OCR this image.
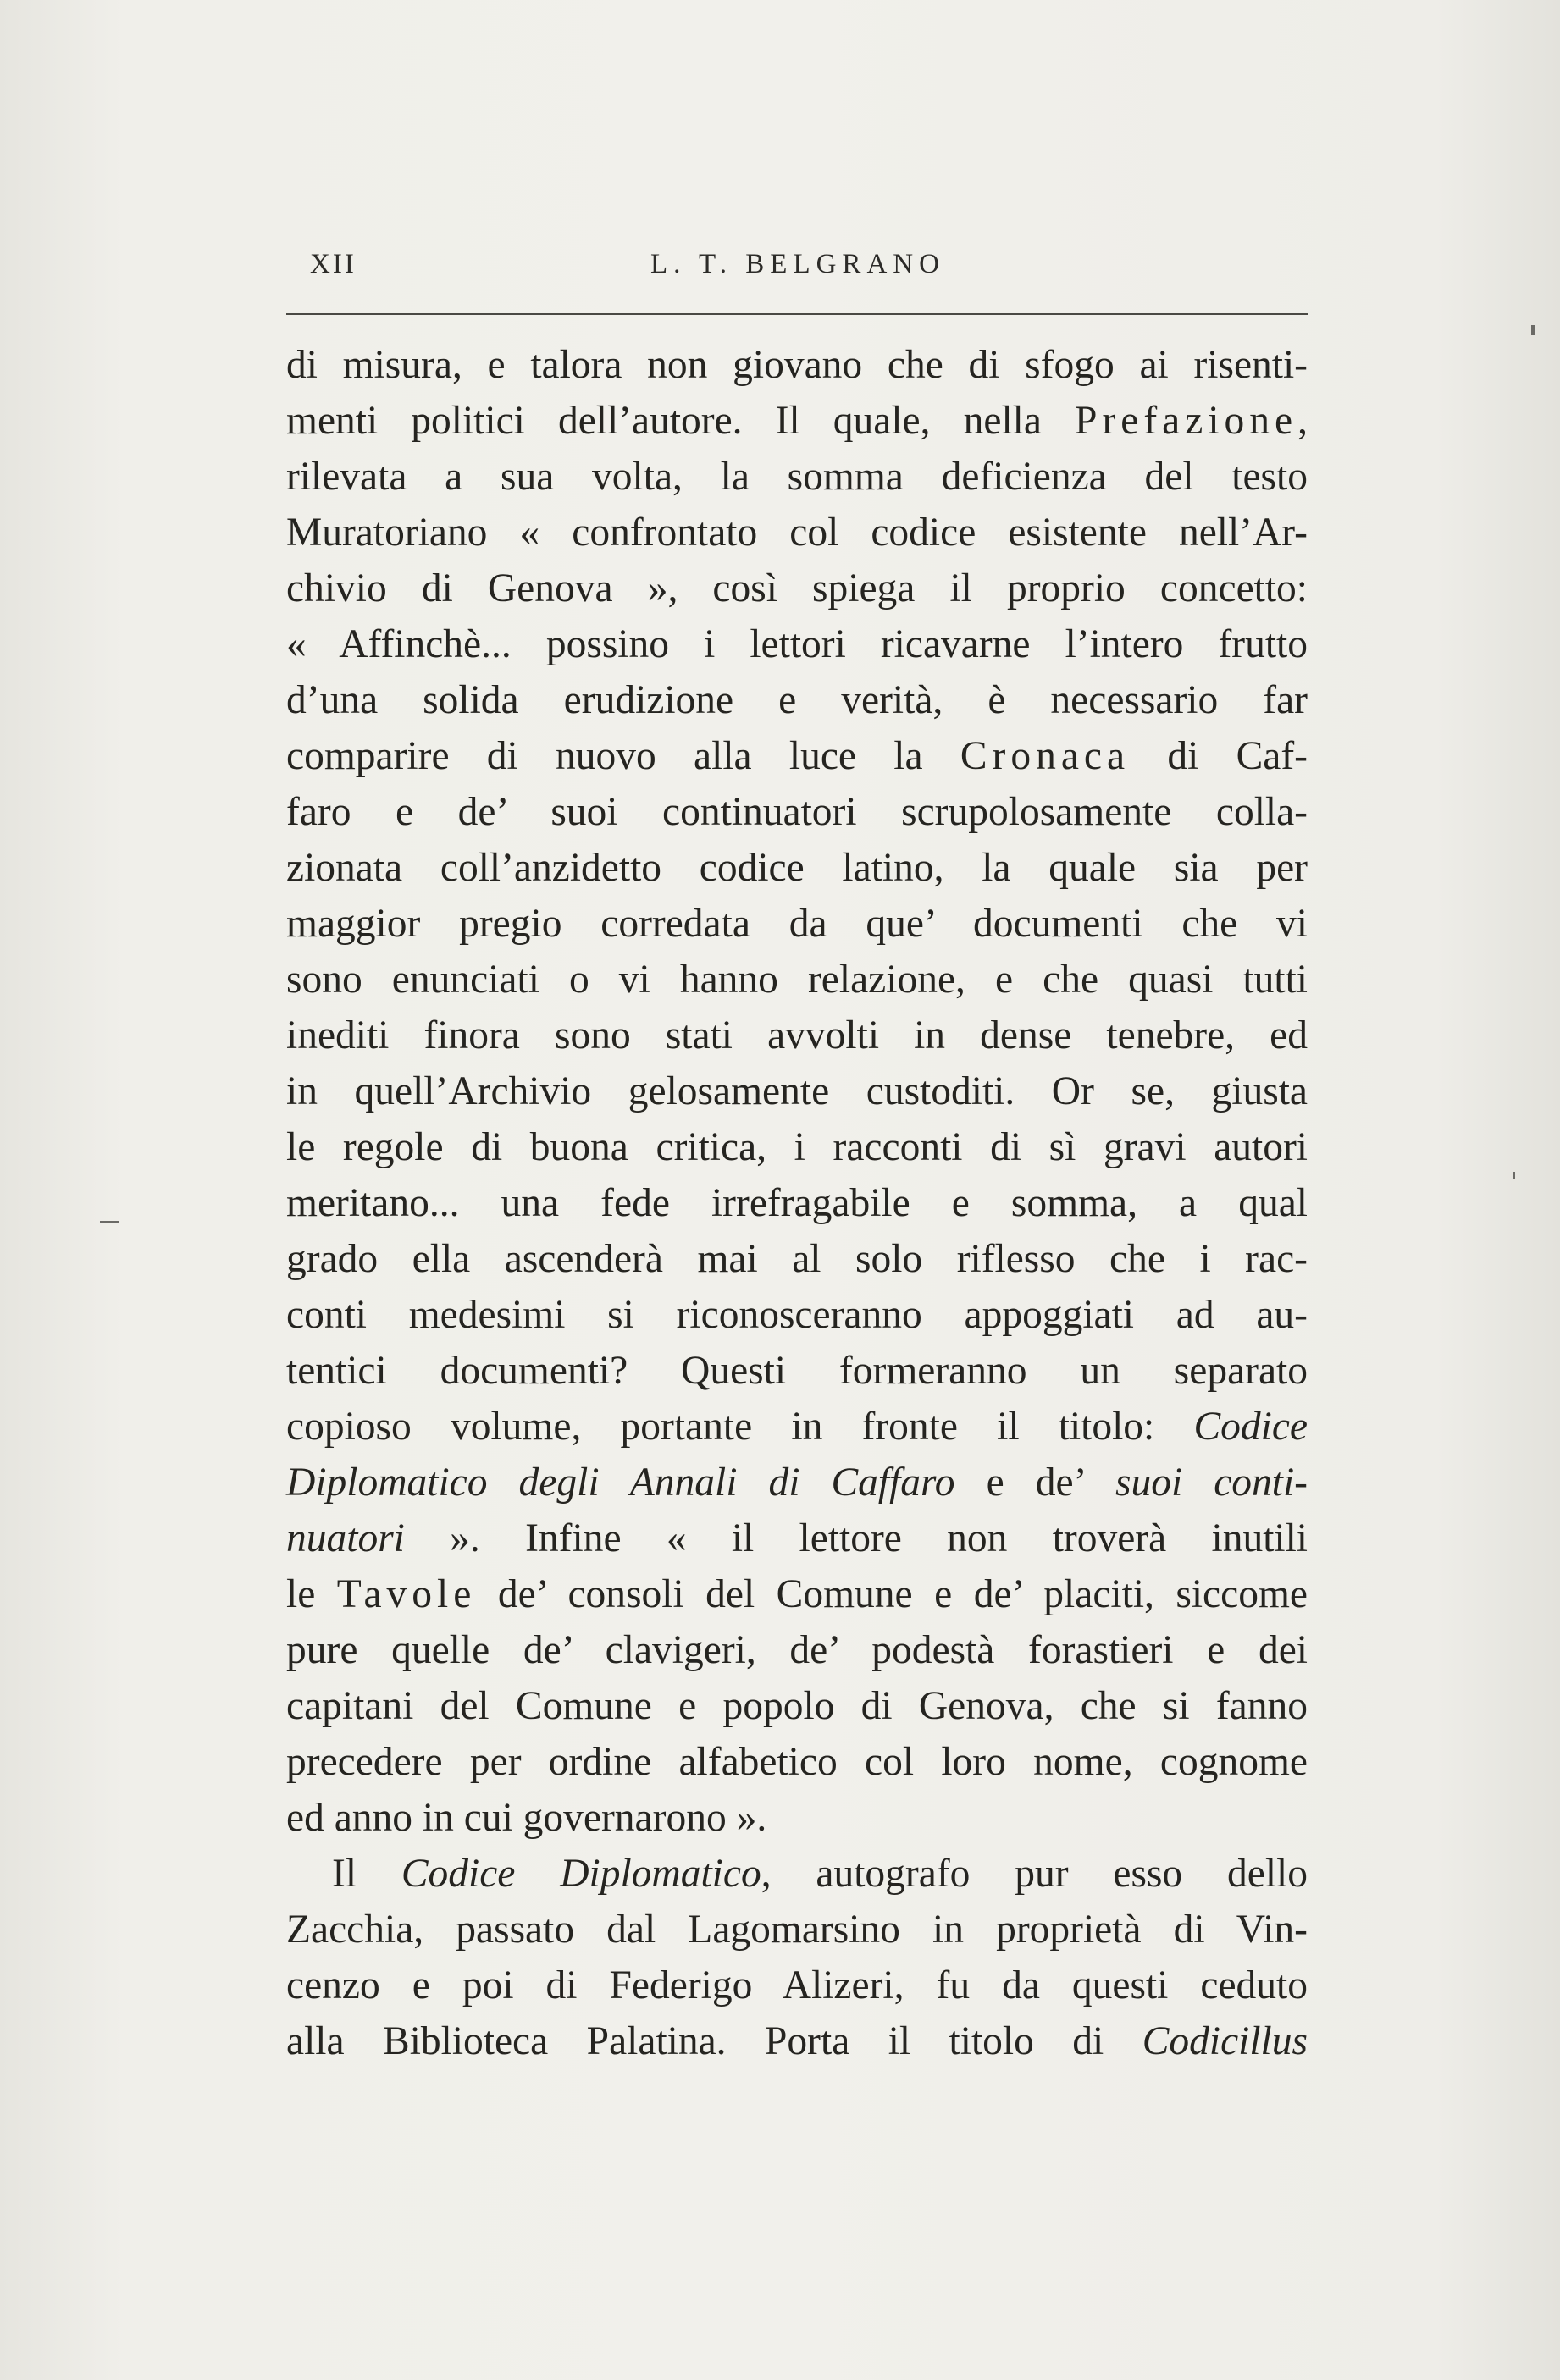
XII	L. T. BELGRANO
di misura, e talora non giovano che di sfogo ai risenti-
menti politici dell’autore. Il quale, nella Prefazione,
rilevata a sua volta, la somma deficienza del testo
Muratoriano « confrontato col codice esistente nell’Ar-
chivio di Genova », così spiega il proprio concetto:
« Affinchè... possino i lettori ricavarne l’intero frutto
d’una solida erudizione e verità, è necessario far
comparire di nuovo alla luce la Cronaca di Caf-
faro e de’ suoi continuatori scrupolosamente colla-
zionata coll’anzidetto codice latino, la quale sia per
maggior pregio corredata da que’ documenti che vi
sono enunciati o vi hanno relazione, e che quasi tutti
inediti finora sono stati avvolti in dense tenebre, ed
in quell’Archivio gelosamente custoditi. Or se, giusta
le regole di buona critica, i racconti di sì gravi autori
meritano... una fede irrefragabile e somma, a qual
grado ella ascenderà mai al solo riflesso che i rac-
conti medesimi si riconosceranno appoggiati ad au-
tentici documenti? Questi formeranno un separato
copioso volume, portante in fronte il titolo: Codice
Diplomatico degli Annali di Caffaro e de’ suoi conti-
nuatori ». Infine « il lettore non troverà inutili
le Tavole de’ consoli del Comune e de’ placiti, siccome
pure quelle de’ clavigeri, de’ podestà forastieri e dei
capitani del Comune e popolo di Genova, che si fanno
precedere per ordine alfabetico col loro nome, cognome
ed anno in cui governarono ».
Il Codice Diplomatico, autografo pur esso dello
Zacchia, passato dal Lagomarsino in proprietà di Vin-
cenzo e poi di Federigo Alizeri, fu da questi ceduto
alla Biblioteca Palatina. Porta il titolo di Codicillus
